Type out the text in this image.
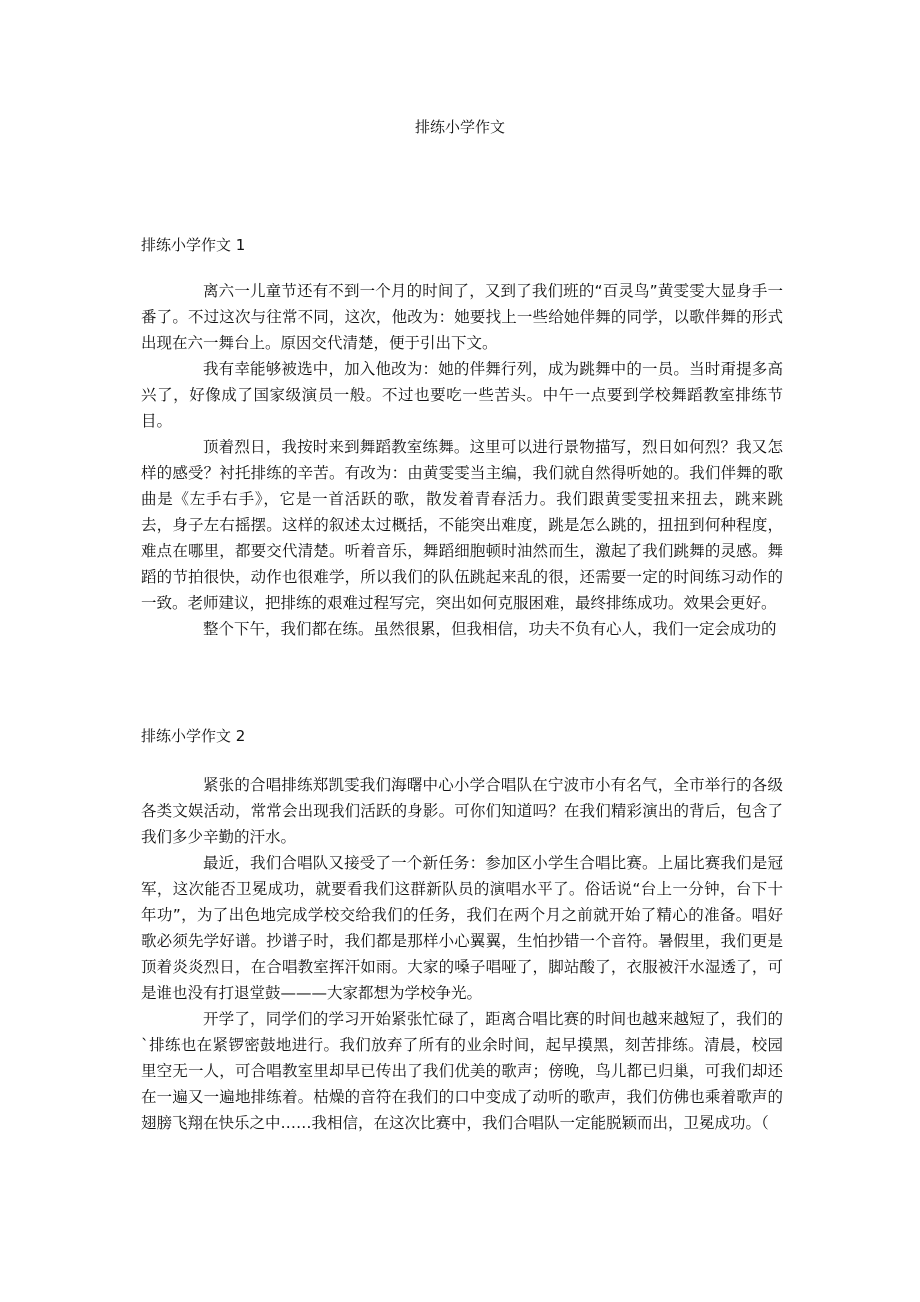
排练小学作文
排练小学作文 1

离六一儿童节还有不到一个月的时间了，又到了我们班的“百灵鸟”黄雯雯大显身手一番了。不过这次与往常不同，这次，他改为：她要找上一些给她伴舞的同学，以歌伴舞的形式出现在六一舞台上。原因交代清楚，便于引出下文。

我有幸能够被选中，加入他改为：她的伴舞行列，成为跳舞中的一员。当时甭提多高兴了，好像成了国家级演员一般。不过也要吃一些苦头。中午一点要到学校舞蹈教室排练节目。

顶着烈日，我按时来到舞蹈教室练舞。这里可以进行景物描写，烈日如何烈？我又怎样的感受？衬托排练的辛苦。有改为：由黄雯雯当主编，我们就自然得听她的。我们伴舞的歌曲是《左手右手》，它是一首活跃的歌，散发着青春活力。我们跟黄雯雯扭来扭去，跳来跳去，身子左右摇摆。这样的叙述太过概括，不能突出难度，跳是怎么跳的，扭扭到何种程度，难点在哪里，都要交代清楚。听着音乐，舞蹈细胞顿时油然而生，激起了我们跳舞的灵感。舞蹈的节拍很快，动作也很难学，所以我们的队伍跳起来乱的很，还需要一定的时间练习动作的一致。老师建议，把排练的艰难过程写完，突出如何克服困难，最终排练成功。效果会更好。

整个下午，我们都在练。虽然很累，但我相信，功夫不负有心人，我们一定会成功的

排练小学作文 2

紧张的合唱排练郑凯雯我们海曙中心小学合唱队在宁波市小有名气，全市举行的各级各类文娱活动，常常会出现我们活跃的身影。可你们知道吗？在我们精彩演出的背后，包含了我们多少辛勤的汗水。

最近，我们合唱队又接受了一个新任务：参加区小学生合唱比赛。上届比赛我们是冠军，这次能否卫冕成功，就要看我们这群新队员的演唱水平了。俗话说“台上一分钟，台下十年功”，为了出色地完成学校交给我们的任务，我们在两个月之前就开始了精心的准备。唱好歌必须先学好谱。抄谱子时，我们都是那样小心翼翼，生怕抄错一个音符。暑假里，我们更是顶着炎炎烈日，在合唱教室挥汗如雨。大家的嗓子唱哑了，脚站酸了，衣服被汗水湿透了，可是谁也没有打退堂鼓———大家都想为学校争光。

开学了，同学们的学习开始紧张忙碌了，距离合唱比赛的时间也越来越短了，我们的`排练也在紧锣密鼓地进行。我们放弃了所有的业余时间，起早摸黑，刻苦排练。清晨，校园里空无一人，可合唱教室里却早已传出了我们优美的歌声；傍晚，鸟儿都已归巢，可我们却还在一遍又一遍地排练着。枯燥的音符在我们的口中变成了动听的歌声，我们仿佛也乘着歌声的翅膀飞翔在快乐之中……我相信，在这次比赛中，我们合唱队一定能脱颖而出，卫冕成功。（
